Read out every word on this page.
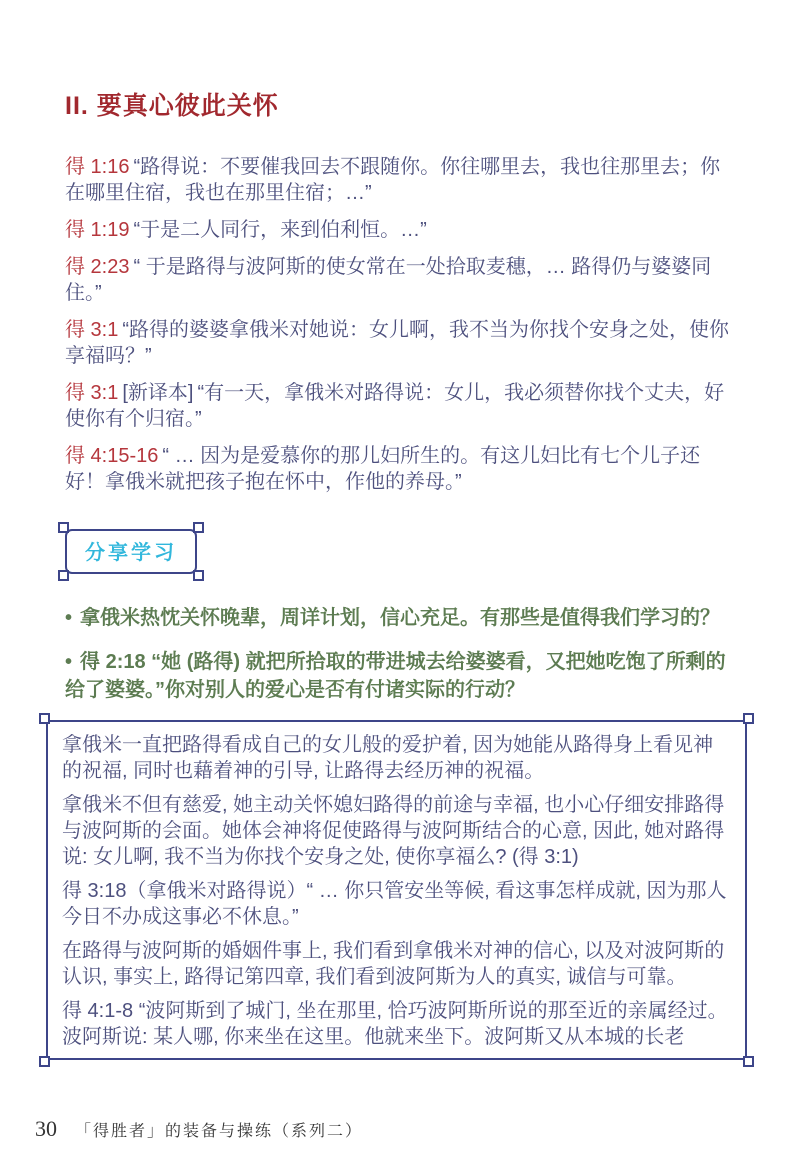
II. 要真心彼此关怀

得 1:16 “路得说：不要催我回去不跟随你。你往哪里去，我也往那里去；你在哪里住宿，我也在那里住宿；…”

得 1:19 “于是二人同行，来到伯利恒。…”

得 2:23 “ 于是路得与波阿斯的使女常在一处拾取麦穗，… 路得仍与婆婆同住。”

得 3:1 “路得的婆婆拿俄米对她说：女儿啊，我不当为你找个安身之处，使你享福吗？”

得 3:1 [新译本] “有一天，拿俄米对路得说：女儿，我必须替你找个丈夫，好使你有个归宿。”

得 4:15-16 “ … 因为是爱慕你的那儿妇所生的。有这儿妇比有七个儿子还好！拿俄米就把孩子抱在怀中，作他的养母。”

分享学习

• 拿俄米热忱关怀晚辈，周详计划，信心充足。有那些是值得我们学习的？

• 得 2:18 “她 (路得) 就把所拾取的带进城去给婆婆看，又把她吃饱了所剩的给了婆婆。”你对别人的爱心是否有付诸实际的行动？

拿俄米一直把路得看成自己的女儿般的爱护着, 因为她能从路得身上看见神的祝福, 同时也藉着神的引导, 让路得去经历神的祝福。

拿俄米不但有慈爱, 她主动关怀媳妇路得的前途与幸福, 也小心仔细安排路得与波阿斯的会面。她体会神将促使路得与波阿斯结合的心意, 因此, 她对路得说: 女儿啊, 我不当为你找个安身之处, 使你享福么? (得 3:1)

得 3:18（拿俄米对路得说）“ … 你只管安坐等候, 看这事怎样成就, 因为那人今日不办成这事必不休息。”

在路得与波阿斯的婚姻件事上, 我们看到拿俄米对神的信心, 以及对波阿斯的认识, 事实上, 路得记第四章, 我们看到波阿斯为人的真实, 诚信与可靠。

得 4:1-8 “波阿斯到了城门, 坐在那里, 恰巧波阿斯所说的那至近的亲属经过。波阿斯说: 某人哪, 你来坐在这里。他就来坐下。波阿斯又从本城的长老

30 「得胜者」的装备与操练（系列二）
